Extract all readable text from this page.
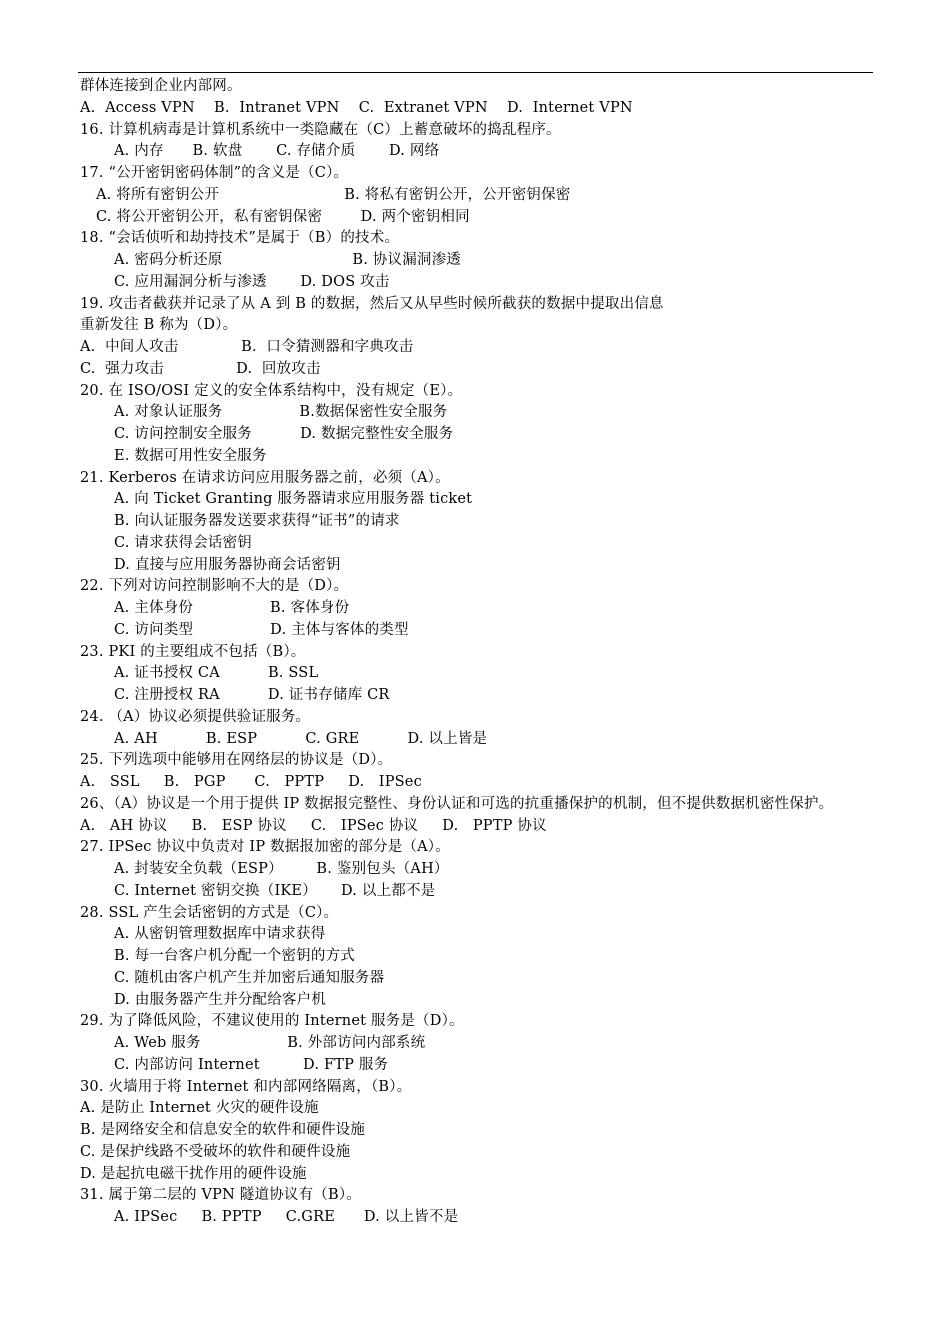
群体连接到企业内部网。
A.  Access VPN    B.  Intranet VPN    C.  Extranet VPN    D.  Internet VPN
16. 计算机病毒是计算机系统中一类隐藏在（C）上蓄意破坏的捣乱程序。
A. 内存      B. 软盘       C. 存储介质       D. 网络
17. “公开密钥密码体制”的含义是（C）。
A. 将所有密钥公开                          B. 将私有密钥公开，公开密钥保密
C. 将公开密钥公开，私有密钥保密        D. 两个密钥相同
18. “会话侦听和劫持技术”是属于（B）的技术。
A. 密码分析还原                           B. 协议漏洞渗透
C. 应用漏洞分析与渗透       D. DOS 攻击
19. 攻击者截获并记录了从 A 到 B 的数据，然后又从早些时候所截获的数据中提取出信息
重新发往 B 称为（D）。
A.  中间人攻击             B.  口令猜测器和字典攻击
C.  强力攻击               D.  回放攻击
20. 在 ISO/OSI 定义的安全体系结构中，没有规定（E）。
A. 对象认证服务                B.数据保密性安全服务
C. 访问控制安全服务          D. 数据完整性安全服务
E. 数据可用性安全服务
21. Kerberos 在请求访问应用服务器之前，必须（A）。
A. 向 Ticket Granting 服务器请求应用服务器 ticket
B. 向认证服务器发送要求获得“证书”的请求
C. 请求获得会话密钥
D. 直接与应用服务器协商会话密钥
22. 下列对访问控制影响不大的是（D）。
A. 主体身份                B. 客体身份
C. 访问类型                D. 主体与客体的类型
23. PKI 的主要组成不包括（B）。
A. 证书授权 CA          B. SSL
C. 注册授权 RA          D. 证书存储库 CR
24. （A）协议必须提供验证服务。
A. AH          B. ESP          C. GRE          D. 以上皆是
25. 下列选项中能够用在网络层的协议是（D）。
A.   SSL     B.   PGP      C.   PPTP     D.   IPSec
26、（A）协议是一个用于提供 IP 数据报完整性、身份认证和可选的抗重播保护的机制，但不提供数据机密性保护。
A.   AH 协议     B.   ESP 协议     C.   IPSec 协议     D.   PPTP 协议
27. IPSec 协议中负责对 IP 数据报加密的部分是（A）。
A. 封装安全负载（ESP）       B. 鉴别包头（AH）
C. Internet 密钥交换（IKE）     D. 以上都不是
28. SSL 产生会话密钥的方式是（C）。
A. 从密钥管理数据库中请求获得
B. 每一台客户机分配一个密钥的方式
C. 随机由客户机产生并加密后通知服务器
D. 由服务器产生并分配给客户机
29. 为了降低风险，不建议使用的 Internet 服务是（D）。
A. Web 服务                  B. 外部访问内部系统
C. 内部访问 Internet         D. FTP 服务
30. 火墙用于将 Internet 和内部网络隔离，（B）。
A. 是防止 Internet 火灾的硬件设施
B. 是网络安全和信息安全的软件和硬件设施
C. 是保护线路不受破坏的软件和硬件设施
D. 是起抗电磁干扰作用的硬件设施
31. 属于第二层的 VPN 隧道协议有（B）。
A. IPSec     B. PPTP     C.GRE      D. 以上皆不是
